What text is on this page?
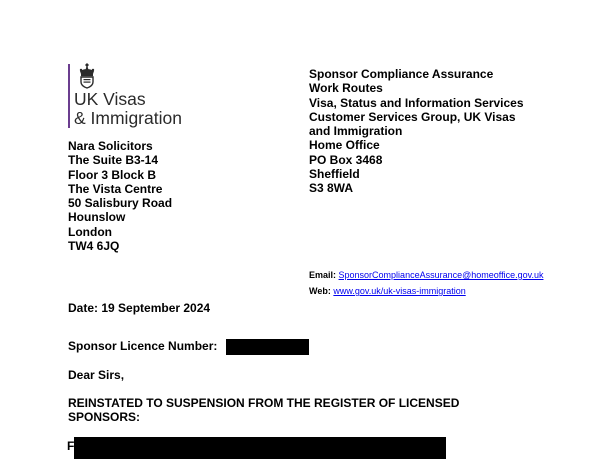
UK Visas
& Immigration
Sponsor Compliance Assurance
Work Routes
Visa, Status and Information Services
Customer Services Group, UK Visas
and Immigration
Home Office
PO Box 3468
Sheffield
S3 8WA
Nara Solicitors
The Suite B3-14
Floor 3 Block B
The Vista Centre
50 Salisbury Road
Hounslow
London
TW4 6JQ
Email: SponsorComplianceAssurance@homeoffice.gov.uk
Web: www.gov.uk/uk-visas-immigration
Date: 19 September 2024
Sponsor Licence Number:
Dear Sirs,
REINSTATED TO SUSPENSION FROM THE REGISTER OF LICENSED SPONSORS:
F
